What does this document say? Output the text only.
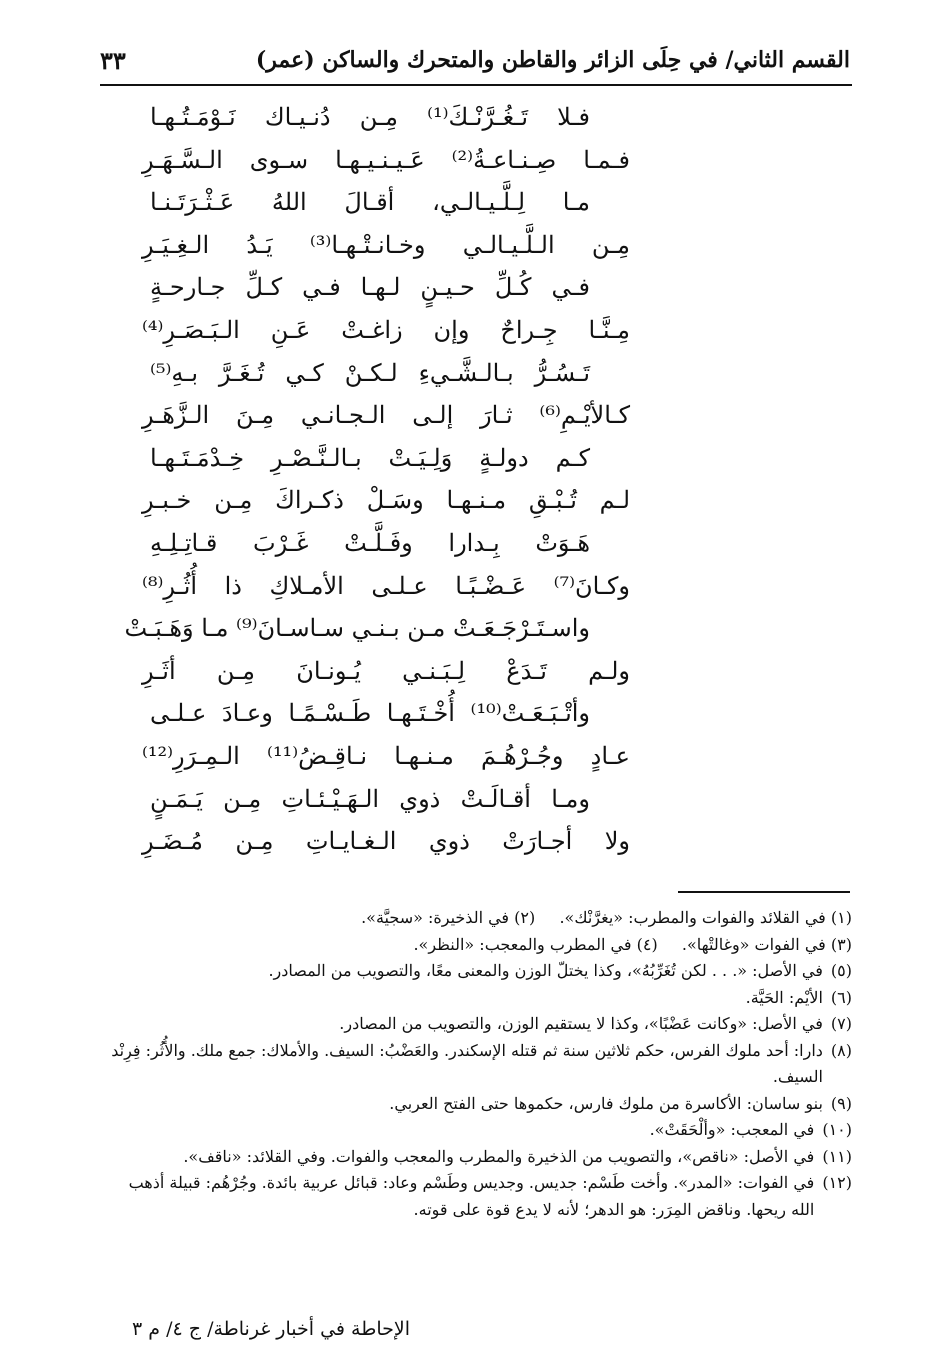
القسم الثاني/ في حِلَى الزائر والقاطن والمتحرك والساكن (عمر)
٣٣
فـلا تَـغُـرَّنْـكَ⁽¹⁾ مِـن دُنـيـاك نَـوْمَـتُـهـا
فـمـا صِـنـاعـةُ⁽²⁾ عَـيـنـيـهـا سـوى الـسَّـهَـرِ
مـا لِـلَّـيـالـي، أقـالَ اللهُ عَـثْـرَتَـنـا
مِـن الـلَّـيـالـي وخـانـتْـهـا⁽³⁾ يَـدُ الـغِـيَـرِ
فـي كُـلِّ حـيـنٍ لـهـا فـي كـلِّ جـارحـةٍ
مِـنَّـا جِـراحٌ وإن زاغـتْ عَـنِ الـبَـصَـرِ⁽⁴⁾
تَـسُـرُّ بـالـشَّـيءِ لـكـنْ كـي تُـغَـرَّ بـهِ⁽⁵⁾
كـالأيْـمِ⁽⁶⁾ ثـارَ إلـى الـجـانـي مِـنَ الـزَّهَـرِ
كـم دولـةٍ وَلِـيَـتْ بـالـنَّـصْـرِ خِـدْمَـتَـهـا
لـم تُـبْـقِ مـنـهـا وسَـلْ ذكـراكَ مِـن خـبـرِ
هَـوَتْ بِـدارا وفَـلَّـتْ غَـرْبَ قـاتِـلِـهِ
وكـانَ⁽⁷⁾ عَـضْـبًـا عـلـى الأمـلاكِ ذا أُثُـرِ⁽⁸⁾
واسـتَـرْجَـعَـتْ مـن بـنـي سـاسـانَ⁽⁹⁾ مـا وَهَـبَـتْ
ولـم تَـدَعْ لِـبَـنـي يُـونـانَ مِـن أثَـرِ
وأتْـبَـعَـتْ⁽¹⁰⁾ أُخْـتَـهـا طَـسْـمًـا وعـادَ عـلـى
عـادٍ وجُـرْهُـمَ مـنـهـا نـاقِـضُ⁽¹¹⁾ الـمِـرَرِ⁽¹²⁾
ومـا أقـالَـتْ ذوي الـهَـيْـئـاتِ مِـن يَـمَـنٍ
ولا أجـارَتْ ذوي الـغـايـاتِ مِـن مُـضَـرِ
(١) في القلائد والفوات والمطرب: «يغرَّنْك».  (٢) في الذخيرة: «سجيَّة».
(٣) في الفوات «وغالتْها».  (٤) في المطرب والمعجب: «النظر».
(٥)
في الأصل: «. . . لكن تُغَرِّبُهُ»، وكذا يختلّ الوزن والمعنى معًا، والتصويب من المصادر.
(٦)
الأيْم: الحَيَّة.
(٧)
في الأصل: «وكانت عَضْبًا»، وكذا لا يستقيم الوزن، والتصويب من المصادر.
(٨)
دارا: أحد ملوك الفرس، حكم ثلاثين سنة ثم قتله الإسكندر. والعَضْبُ: السيف. والأملاك: جمع ملك. والأُثُر: فِرِنْد السيف.
(٩)
بنو ساسان: الأكاسرة من ملوك فارس، حكموها حتى الفتح العربي.
(١٠)
في المعجب: «وألْحَقَتْ».
(١١)
في الأصل: «ناقص»، والتصويب من الذخيرة والمطرب والمعجب والفوات. وفي القلائد: «ناقف».
(١٢)
في الفوات: «المدر». وأخت طَسْم: جديس. وجديس وطَسْم وعاد: قبائل عربية بائدة. وجُرْهُم: قبيلة أذهب الله ريحها. وناقض المِرَر: هو الدهر؛ لأنه لا يدع قوة على قوته.
الإحاطة في أخبار غرناطة/ ج ٤/ م ٣
